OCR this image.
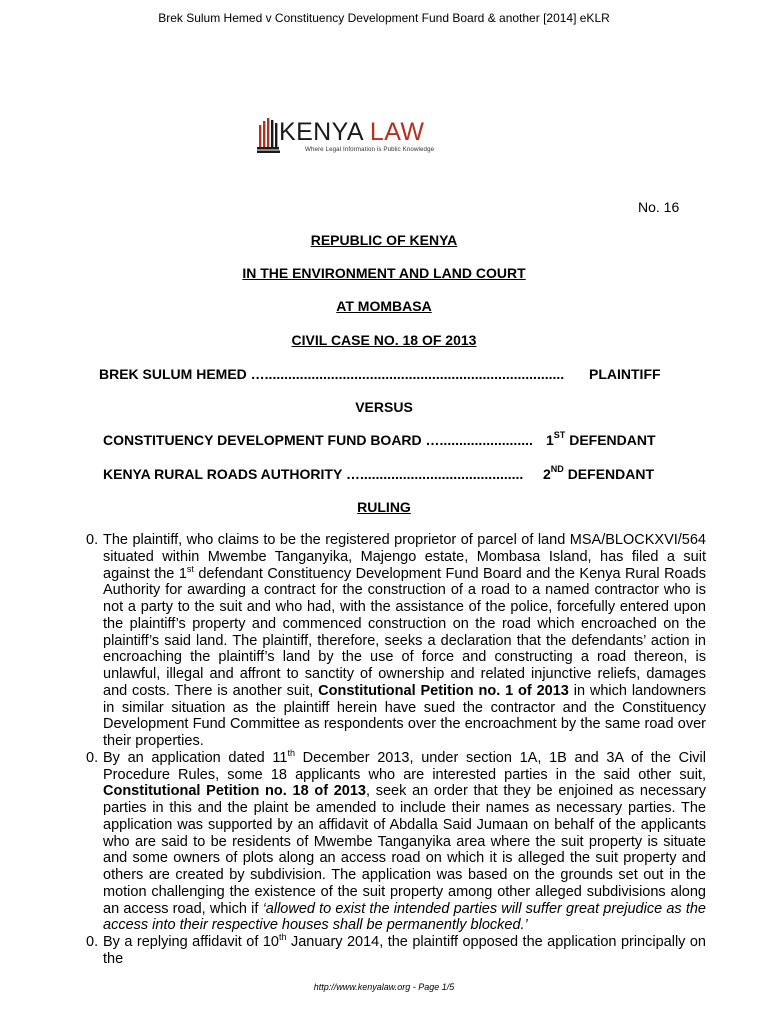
Brek Sulum Hemed v Constituency Development Fund Board & another [2014] eKLR
KENYA LAW
Where Legal Information is Public Knowledge
No. 16
REPUBLIC OF KENYA
IN THE ENVIRONMENT AND LAND COURT
AT MOMBASA
CIVIL CASE NO. 18 OF 2013
BREK SULUM HEMED …............................................................................. PLAINTIFF
VERSUS
CONSTITUENCY DEVELOPMENT FUND BOARD …........................ 1ST DEFENDANT
KENYA RURAL ROADS AUTHORITY ….......................................... 2ND DEFENDANT
RULING
0. The plaintiff, who claims to be the registered proprietor of parcel of land MSA/BLOCKXVI/564 situated within Mwembe Tanganyika, Majengo estate, Mombasa Island, has filed a suit against the 1st defendant Constituency Development Fund Board and the Kenya Rural Roads Authority for awarding a contract for the construction of a road to a named contractor who is not a party to the suit and who had, with the assistance of the police, forcefully entered upon the plaintiff’s property and commenced construction on the road which encroached on the plaintiff’s said land. The plaintiff, therefore, seeks a declaration that the defendants’ action in encroaching the plaintiff’s land by the use of force and constructing a road thereon, is unlawful, illegal and affront to sanctity of ownership and related injunctive reliefs, damages and costs. There is another suit, Constitutional Petition no. 1 of 2013 in which landowners in similar situation as the plaintiff herein have sued the contractor and the Constituency Development Fund Committee as respondents over the encroachment by the same road over their properties.
0. By an application dated 11th December 2013, under section 1A, 1B and 3A of the Civil Procedure Rules, some 18 applicants who are interested parties in the said other suit, Constitutional Petition no. 18 of 2013, seek an order that they be enjoined as necessary parties in this and the plaint be amended to include their names as necessary parties. The application was supported by an affidavit of Abdalla Said Jumaan on behalf of the applicants who are said to be residents of Mwembe Tanganyika area where the suit property is situate and some owners of plots along an access road on which it is alleged the suit property and others are created by subdivision. The application was based on the grounds set out in the motion challenging the existence of the suit property among other alleged subdivisions along an access road, which if ‘allowed to exist the intended parties will suffer great prejudice as the access into their respective houses shall be permanently blocked.’
0. By a replying affidavit of 10th January 2014, the plaintiff opposed the application principally on the
http://www.kenyalaw.org - Page 1/5
